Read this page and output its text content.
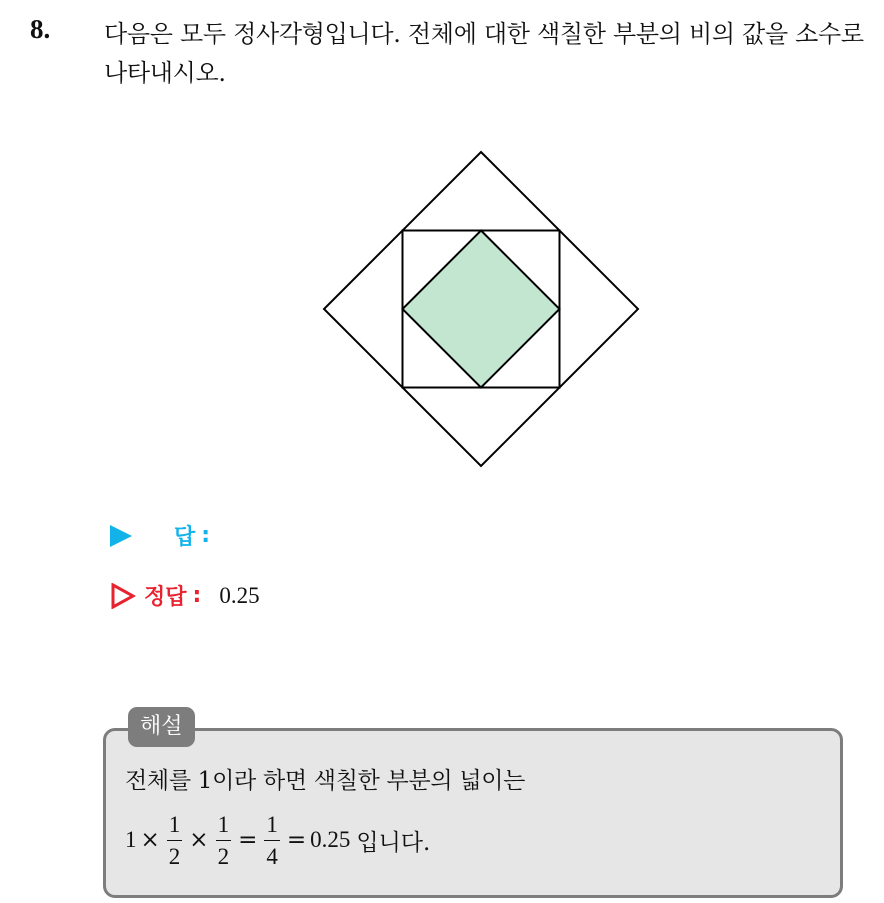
8. 다음은 모두 정사각형입니다. 전체에 대한 색칠한 부분의 비의 값을 소수로 나타내시오.
답 :
정답 : 0.25
해설
전체를 1이라 하면 색칠한 부분의 넓이는
$1 \times \frac{1}{2} \times \frac{1}{2} = \frac{1}{4} = 0.25$ 입니다.
